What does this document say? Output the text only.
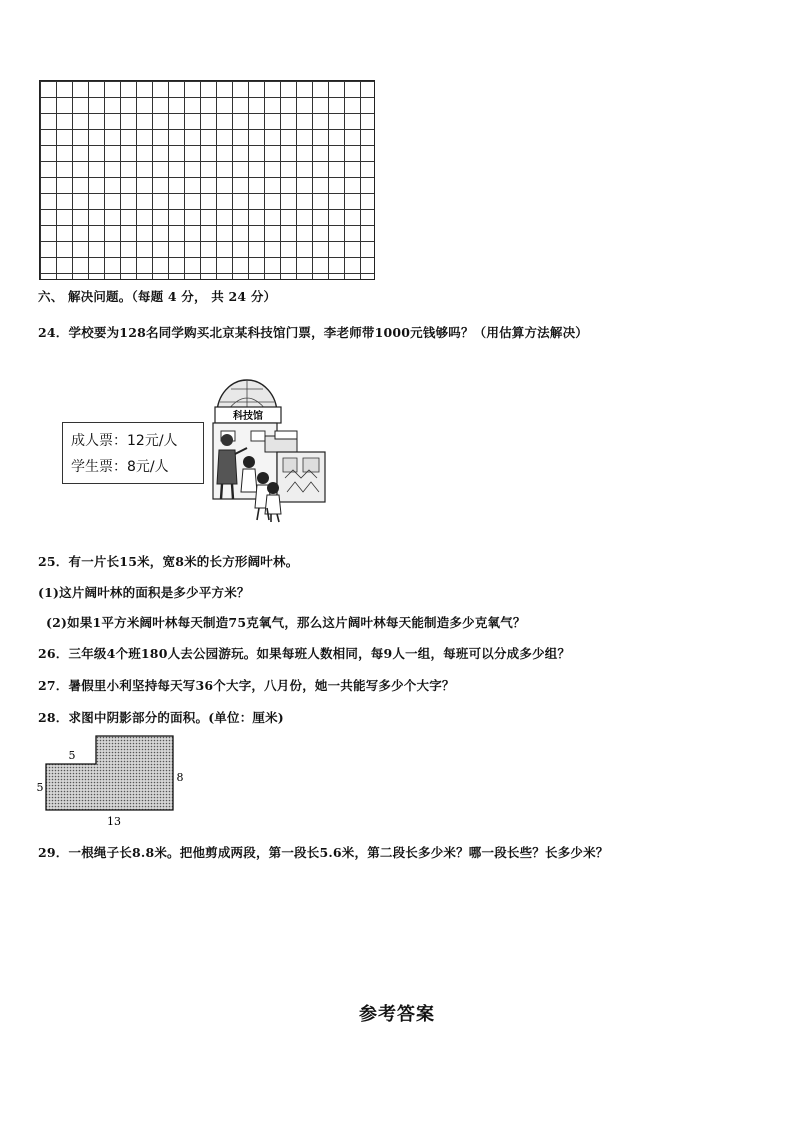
六、 解决问题。（每题 4 分， 共 24 分）
24．学校要为128名同学购买北京某科技馆门票，李老师带1000元钱够吗？（用估算方法解决）
成人票：12元/人
学生票：8元/人
科技馆
25．有一片长15米，宽8米的长方形阔叶林。
(1)这片阔叶林的面积是多少平方米？
(2)如果1平方米阔叶林每天制造75克氧气，那么这片阔叶林每天能制造多少克氧气？
26．三年级4个班180人去公园游玩。如果每班人数相同，每9人一组，每班可以分成多少组？
27．暑假里小利坚持每天写36个大字，八月份，她一共能写多少个大字？
28．求图中阴影部分的面积。(单位：厘米)
5
5
8
13
29．一根绳子长8.8米。把他剪成两段，第一段长5.6米，第二段长多少米？哪一段长些？长多少米？
参考答案
